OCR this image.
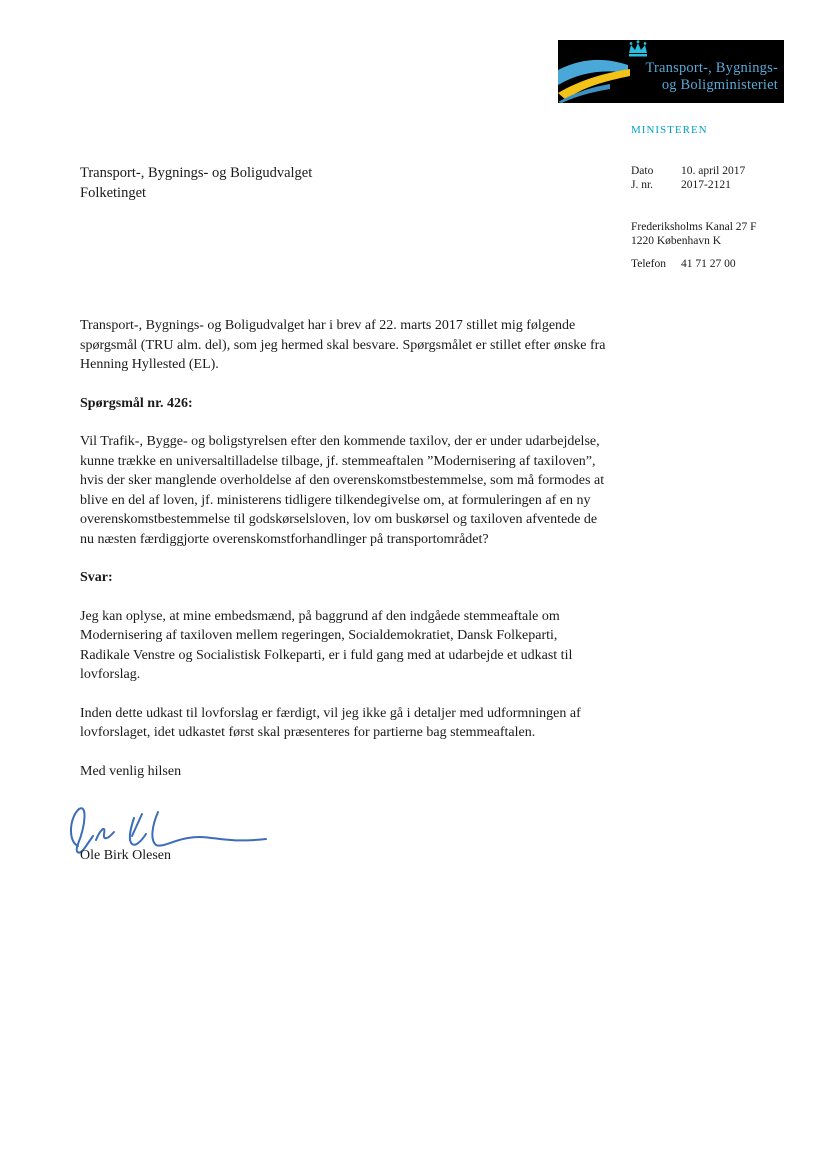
Transport-, Bygnings-
og Boligministeriet
MINISTEREN
Dato	10. april 2017
J. nr.	2017-2121
Frederiksholms Kanal 27 F
1220 København K
Telefon	41 71 27 00
Transport-, Bygnings- og Boligudvalget
Folketinget

Transport-, Bygnings- og Boligudvalget har i brev af 22. marts 2017 stillet mig følgende spørgsmål (TRU alm. del), som jeg hermed skal besvare. Spørgsmålet er stillet efter ønske fra Henning Hyllested (EL).

Spørgsmål nr. 426:

Vil Trafik-, Bygge- og boligstyrelsen efter den kommende taxilov, der er under udarbejdelse, kunne trække en universaltilladelse tilbage, jf. stemmeaftalen ”Modernisering af taxiloven”, hvis der sker manglende overholdelse af den overenskomstbestemmelse, som må formodes at blive en del af loven, jf. ministerens tidligere tilkendegivelse om, at formuleringen af en ny overenskomstbestemmelse til godskørselsloven, lov om buskørsel og taxiloven afventede de nu næsten færdiggjorte overenskomstforhandlinger på transportområdet?

Svar:

Jeg kan oplyse, at mine embedsmænd, på baggrund af den indgåede stemmeaftale om Modernisering af taxiloven mellem regeringen, Socialdemokratiet, Dansk Folkeparti, Radikale Venstre og Socialistisk Folkeparti, er i fuld gang med at udarbejde et udkast til lovforslag.

Inden dette udkast til lovforslag er færdigt, vil jeg ikke gå i detaljer med udformningen af lovforslaget, idet udkastet først skal præsenteres for partierne bag stemmeaftalen.

Med venlig hilsen

Ole Birk Olesen
